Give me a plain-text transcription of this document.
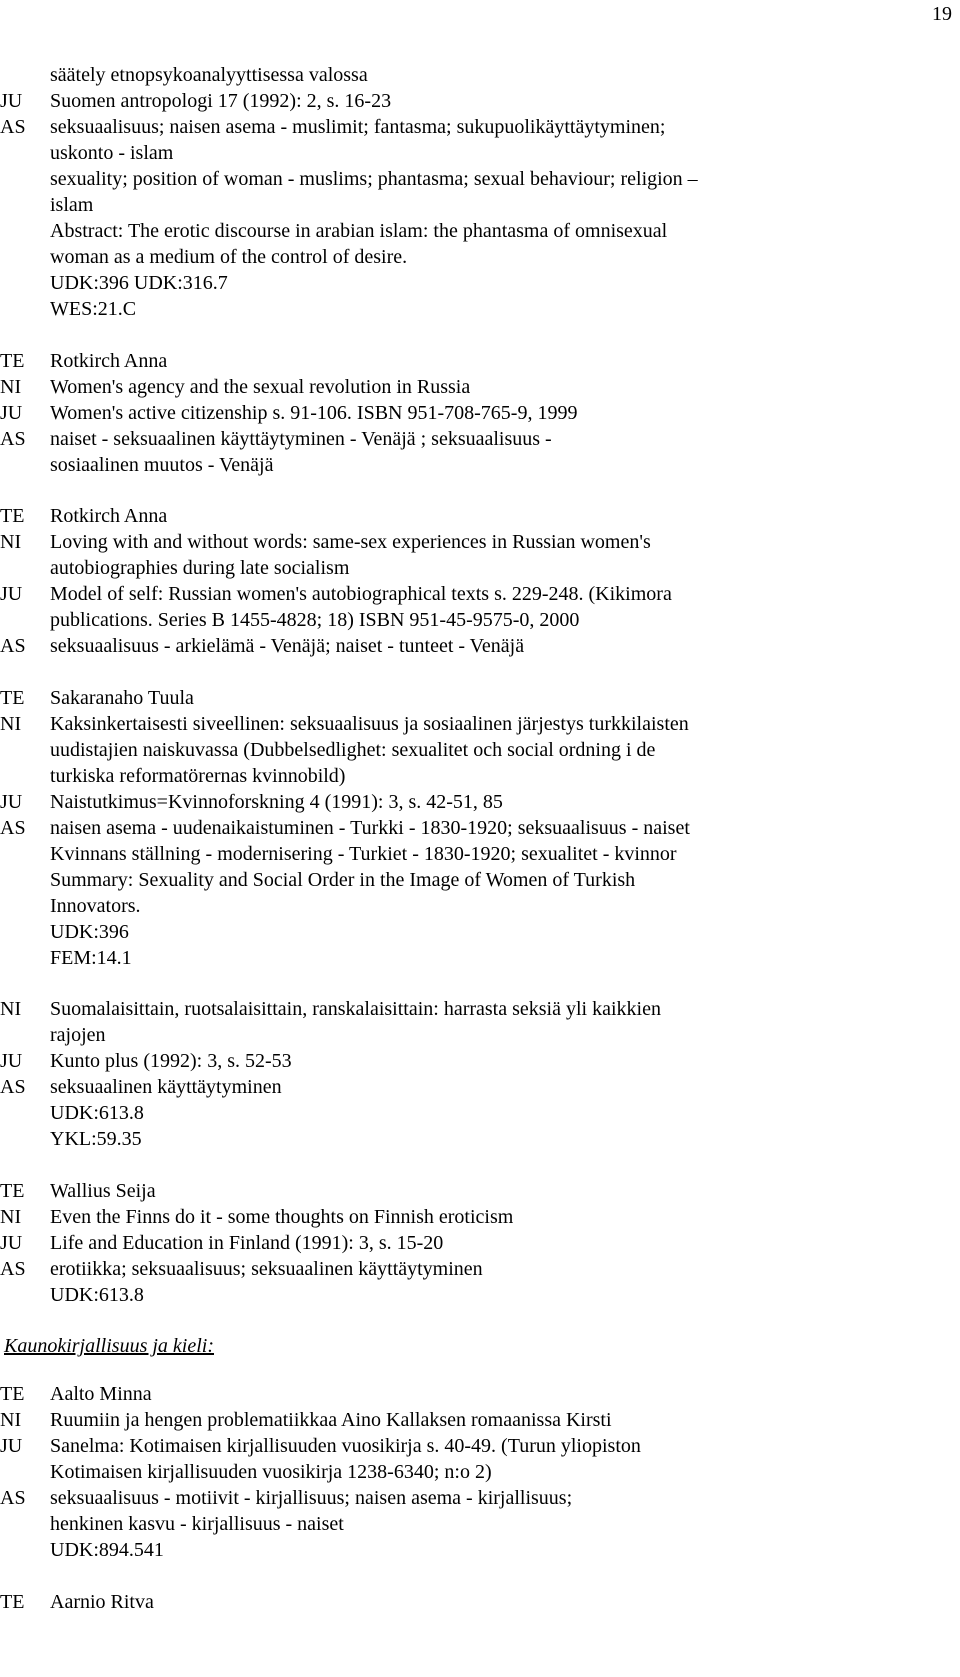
19
säätely etnopsykoanalyyttisessa valossa
JU	Suomen antropologi 17 (1992): 2, s. 16-23
AS	seksuaalisuus; naisen asema - muslimit; fantasma; sukupuolikäyttäytyminen;
uskonto - islam
sexuality; position of woman - muslims; phantasma; sexual behaviour; religion –
islam
Abstract: The erotic discourse in arabian islam: the phantasma of omnisexual
woman as a medium of the control of desire.
UDK:396 UDK:316.7
WES:21.C
TE	Rotkirch Anna
NI	Women's agency and the sexual revolution in Russia
JU	Women's active citizenship s. 91-106. ISBN 951-708-765-9, 1999
AS	naiset - seksuaalinen käyttäytyminen - Venäjä ; seksuaalisuus -
sosiaalinen muutos - Venäjä
TE	Rotkirch Anna
NI	Loving with and without words: same-sex experiences in Russian women's
autobiographies during late socialism
JU	Model of self: Russian women's autobiographical texts s. 229-248. (Kikimora
publications. Series B 1455-4828; 18) ISBN 951-45-9575-0, 2000
AS	seksuaalisuus - arkielämä - Venäjä; naiset - tunteet - Venäjä
TE	Sakaranaho Tuula
NI	Kaksinkertaisesti siveellinen: seksuaalisuus ja sosiaalinen järjestys turkkilaisten
uudistajien naiskuvassa (Dubbelsedlighet: sexualitet och social ordning i de
turkiska reformatörernas kvinnobild)
JU	Naistutkimus=Kvinnoforskning 4 (1991): 3, s. 42-51, 85
AS	naisen asema - uudenaikaistuminen - Turkki - 1830-1920; seksuaalisuus - naiset
Kvinnans ställning - modernisering - Turkiet - 1830-1920; sexualitet - kvinnor
Summary: Sexuality and Social Order in the Image of Women of Turkish
Innovators.
UDK:396
FEM:14.1
NI	Suomalaisittain, ruotsalaisittain, ranskalaisittain: harrasta seksiä yli kaikkien
rajojen
JU	Kunto plus (1992): 3, s. 52-53
AS	seksuaalinen käyttäytyminen
UDK:613.8
YKL:59.35
TE	Wallius Seija
NI	Even the Finns do it - some thoughts on Finnish eroticism
JU	Life and Education in Finland (1991): 3, s. 15-20
AS	erotiikka; seksuaalisuus; seksuaalinen käyttäytyminen
UDK:613.8
Kaunokirjallisuus ja kieli:
TE	Aalto Minna
NI	Ruumiin ja hengen problematiikkaa Aino Kallaksen romaanissa Kirsti
JU	Sanelma: Kotimaisen kirjallisuuden vuosikirja s. 40-49. (Turun yliopiston
Kotimaisen kirjallisuuden vuosikirja 1238-6340; n:o 2)
AS	seksuaalisuus - motiivit - kirjallisuus; naisen asema - kirjallisuus;
henkinen kasvu - kirjallisuus - naiset
UDK:894.541
TE	Aarnio Ritva
